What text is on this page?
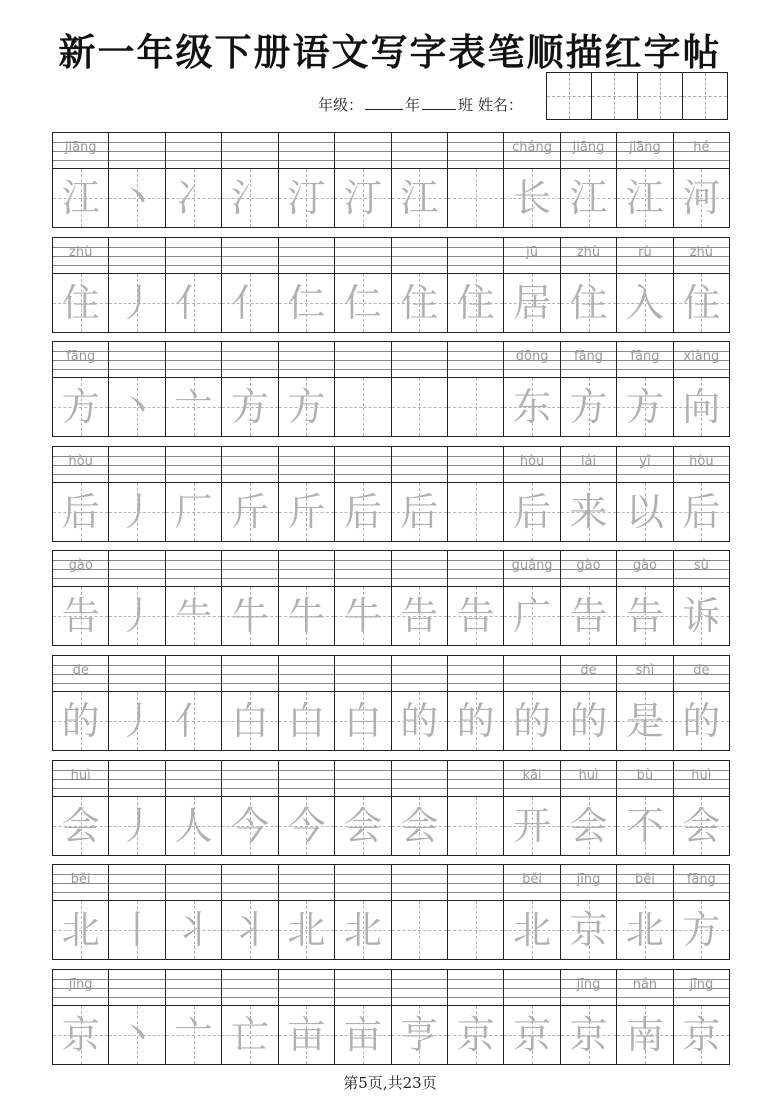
新一年级下册语文写字表笔顺描红字帖
年级：	年	班 姓名：
jiāng
江 丶 冫 氵 汀 汀 江
cháng
长
jiāng
江
jiāng
江
hé
河
zhù
住 丿 亻 亻 仁 仁 住 住
jū
居
zhù
住
rù
入
zhù
住
fāng
方 丶 亠 方 方
dōng
东
fāng
方
fāng
方
xiàng
向
hòu
后 丿 厂 斤 斤 后 后
hòu
后
lái
来
yǐ
以
hòu
后
gào
告 丿 ⺧ 牛 牛 牛 告 告
guǎng
广
gào
告
gào
告
sù
诉
de
的 丿 亻 白 白 白 的 的 的
de
的
shì
是
de
的
huì
会 丿 人 今 今 会 会
kāi
开
huì
会
bù
不
huì
会
běi
北 丨 丬 丬 北 北
běi
北
jīng
京
běi
北
fāng
方
jīng
京 丶 亠 亡 亩 亩 亨 京 京
jīng
京
nán
南
jīng
京
第5页,共23页
